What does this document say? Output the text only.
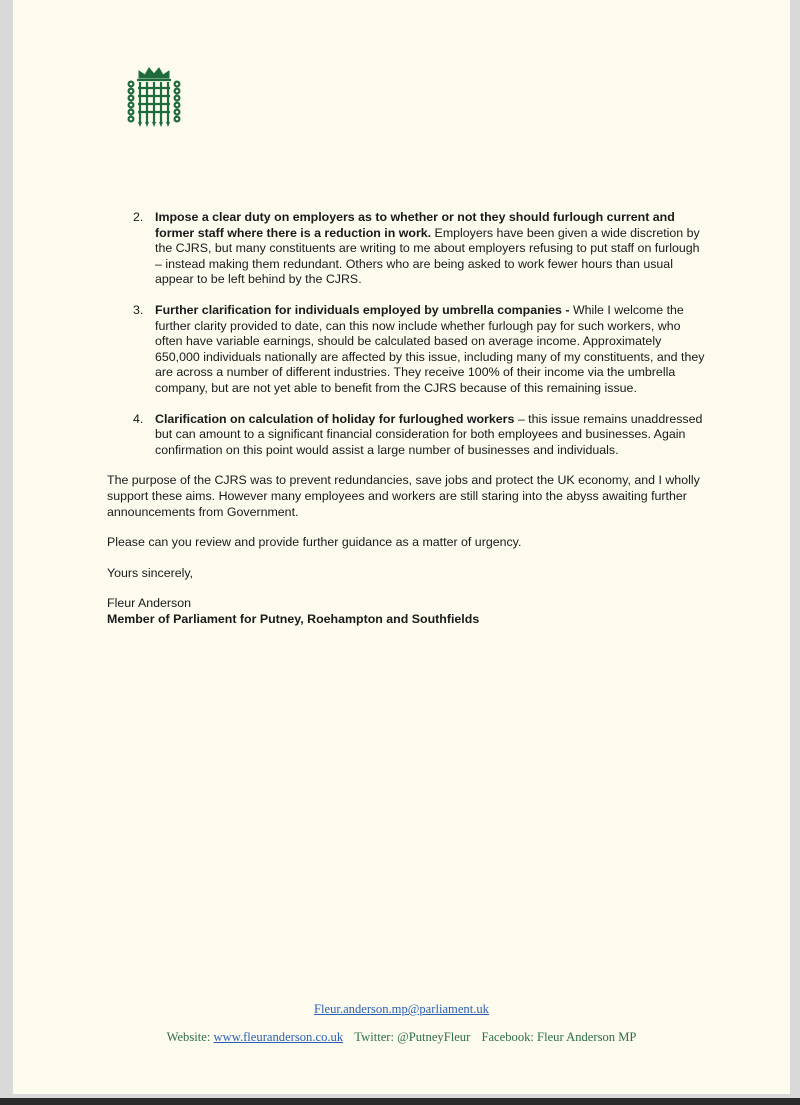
2. Impose a clear duty on employers as to whether or not they should furlough current and former staff where there is a reduction in work. Employers have been given a wide discretion by the CJRS, but many constituents are writing to me about employers refusing to put staff on furlough – instead making them redundant. Others who are being asked to work fewer hours than usual appear to be left behind by the CJRS.
3. Further clarification for individuals employed by umbrella companies - While I welcome the further clarity provided to date, can this now include whether furlough pay for such workers, who often have variable earnings, should be calculated based on average income. Approximately 650,000 individuals nationally are affected by this issue, including many of my constituents, and they are across a number of different industries. They receive 100% of their income via the umbrella company, but are not yet able to benefit from the CJRS because of this remaining issue.
4. Clarification on calculation of holiday for furloughed workers – this issue remains unaddressed but can amount to a significant financial consideration for both employees and businesses. Again confirmation on this point would assist a large number of businesses and individuals.

The purpose of the CJRS was to prevent redundancies, save jobs and protect the UK economy, and I wholly support these aims. However many employees and workers are still staring into the abyss awaiting further announcements from Government.

Please can you review and provide further guidance as a matter of urgency.

Yours sincerely,

Fleur Anderson

Member of Parliament for Putney, Roehampton and Southfields

Fleur.anderson.mp@parliament.uk
Website: www.fleuranderson.co.uk Twitter: @PutneyFleur Facebook: Fleur Anderson MP
